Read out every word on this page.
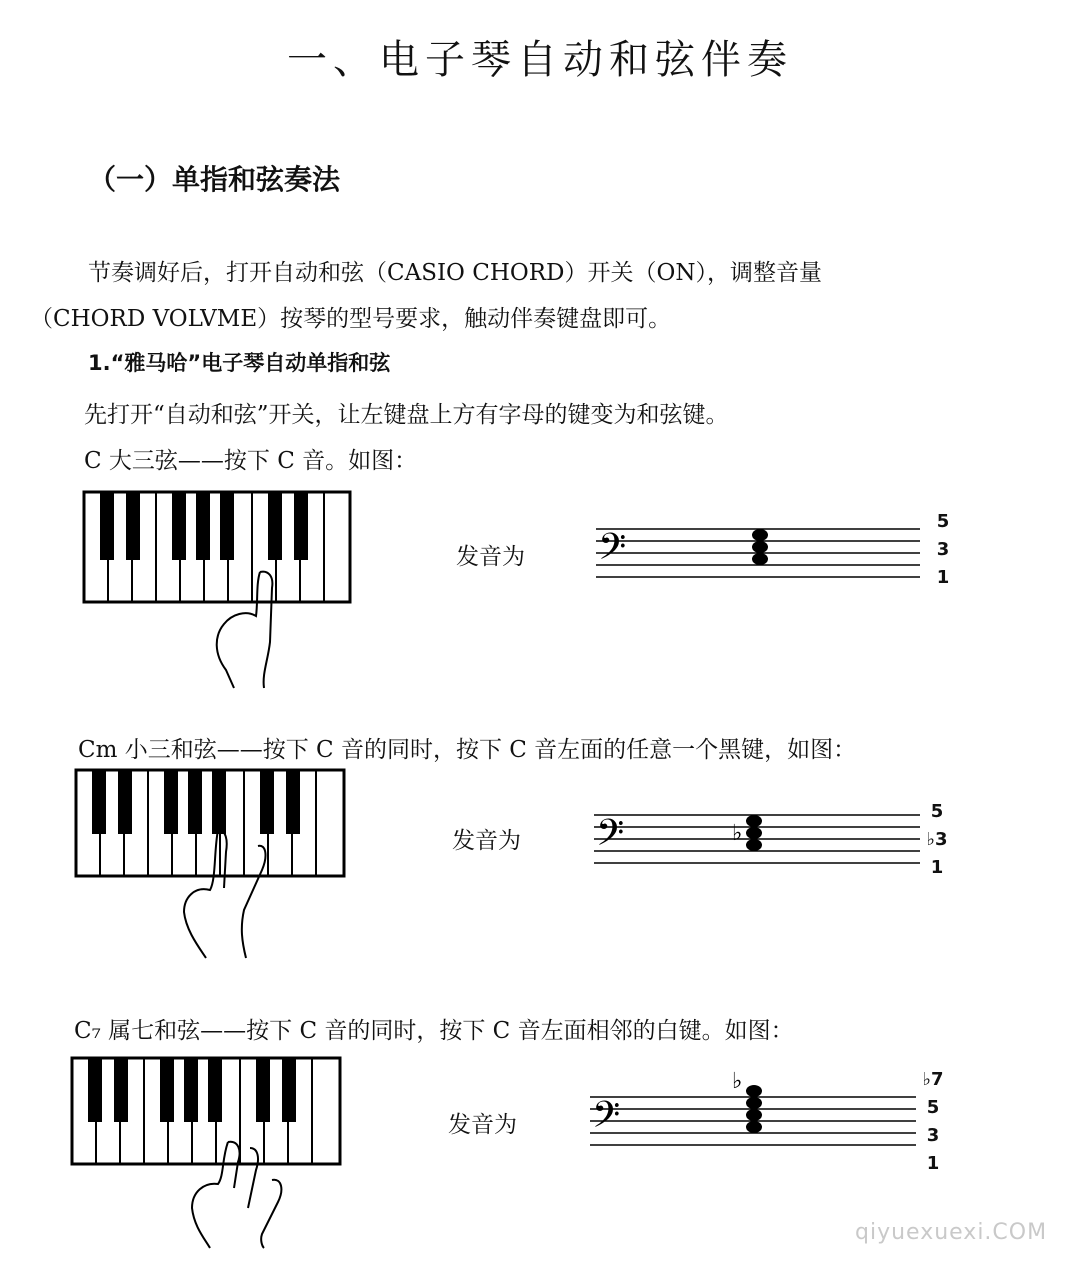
一、电子琴自动和弦伴奏
（一）单指和弦奏法
节奏调好后，打开自动和弦（CASIO CHORD）开关（ON），调整音量
（CHORD VOLVME）按琴的型号要求，触动伴奏键盘即可。
1.“雅马哈”电子琴自动单指和弦
先打开“自动和弦”开关，让左键盘上方有字母的键变为和弦键。
C 大三弦——按下 C 音。如图：
发音为 𝄢
5
3
1
Cm 小三和弦——按下 C 音的同时，按下 C 音左面的任意一个黑键，如图：
发音为 𝄢	♭
5
♭3
1
C₇ 属七和弦——按下 C 音的同时，按下 C 音左面相邻的白键。如图：
发音为 𝄢
♭	♭7
5
3
1
qiyuexuexi.COM
